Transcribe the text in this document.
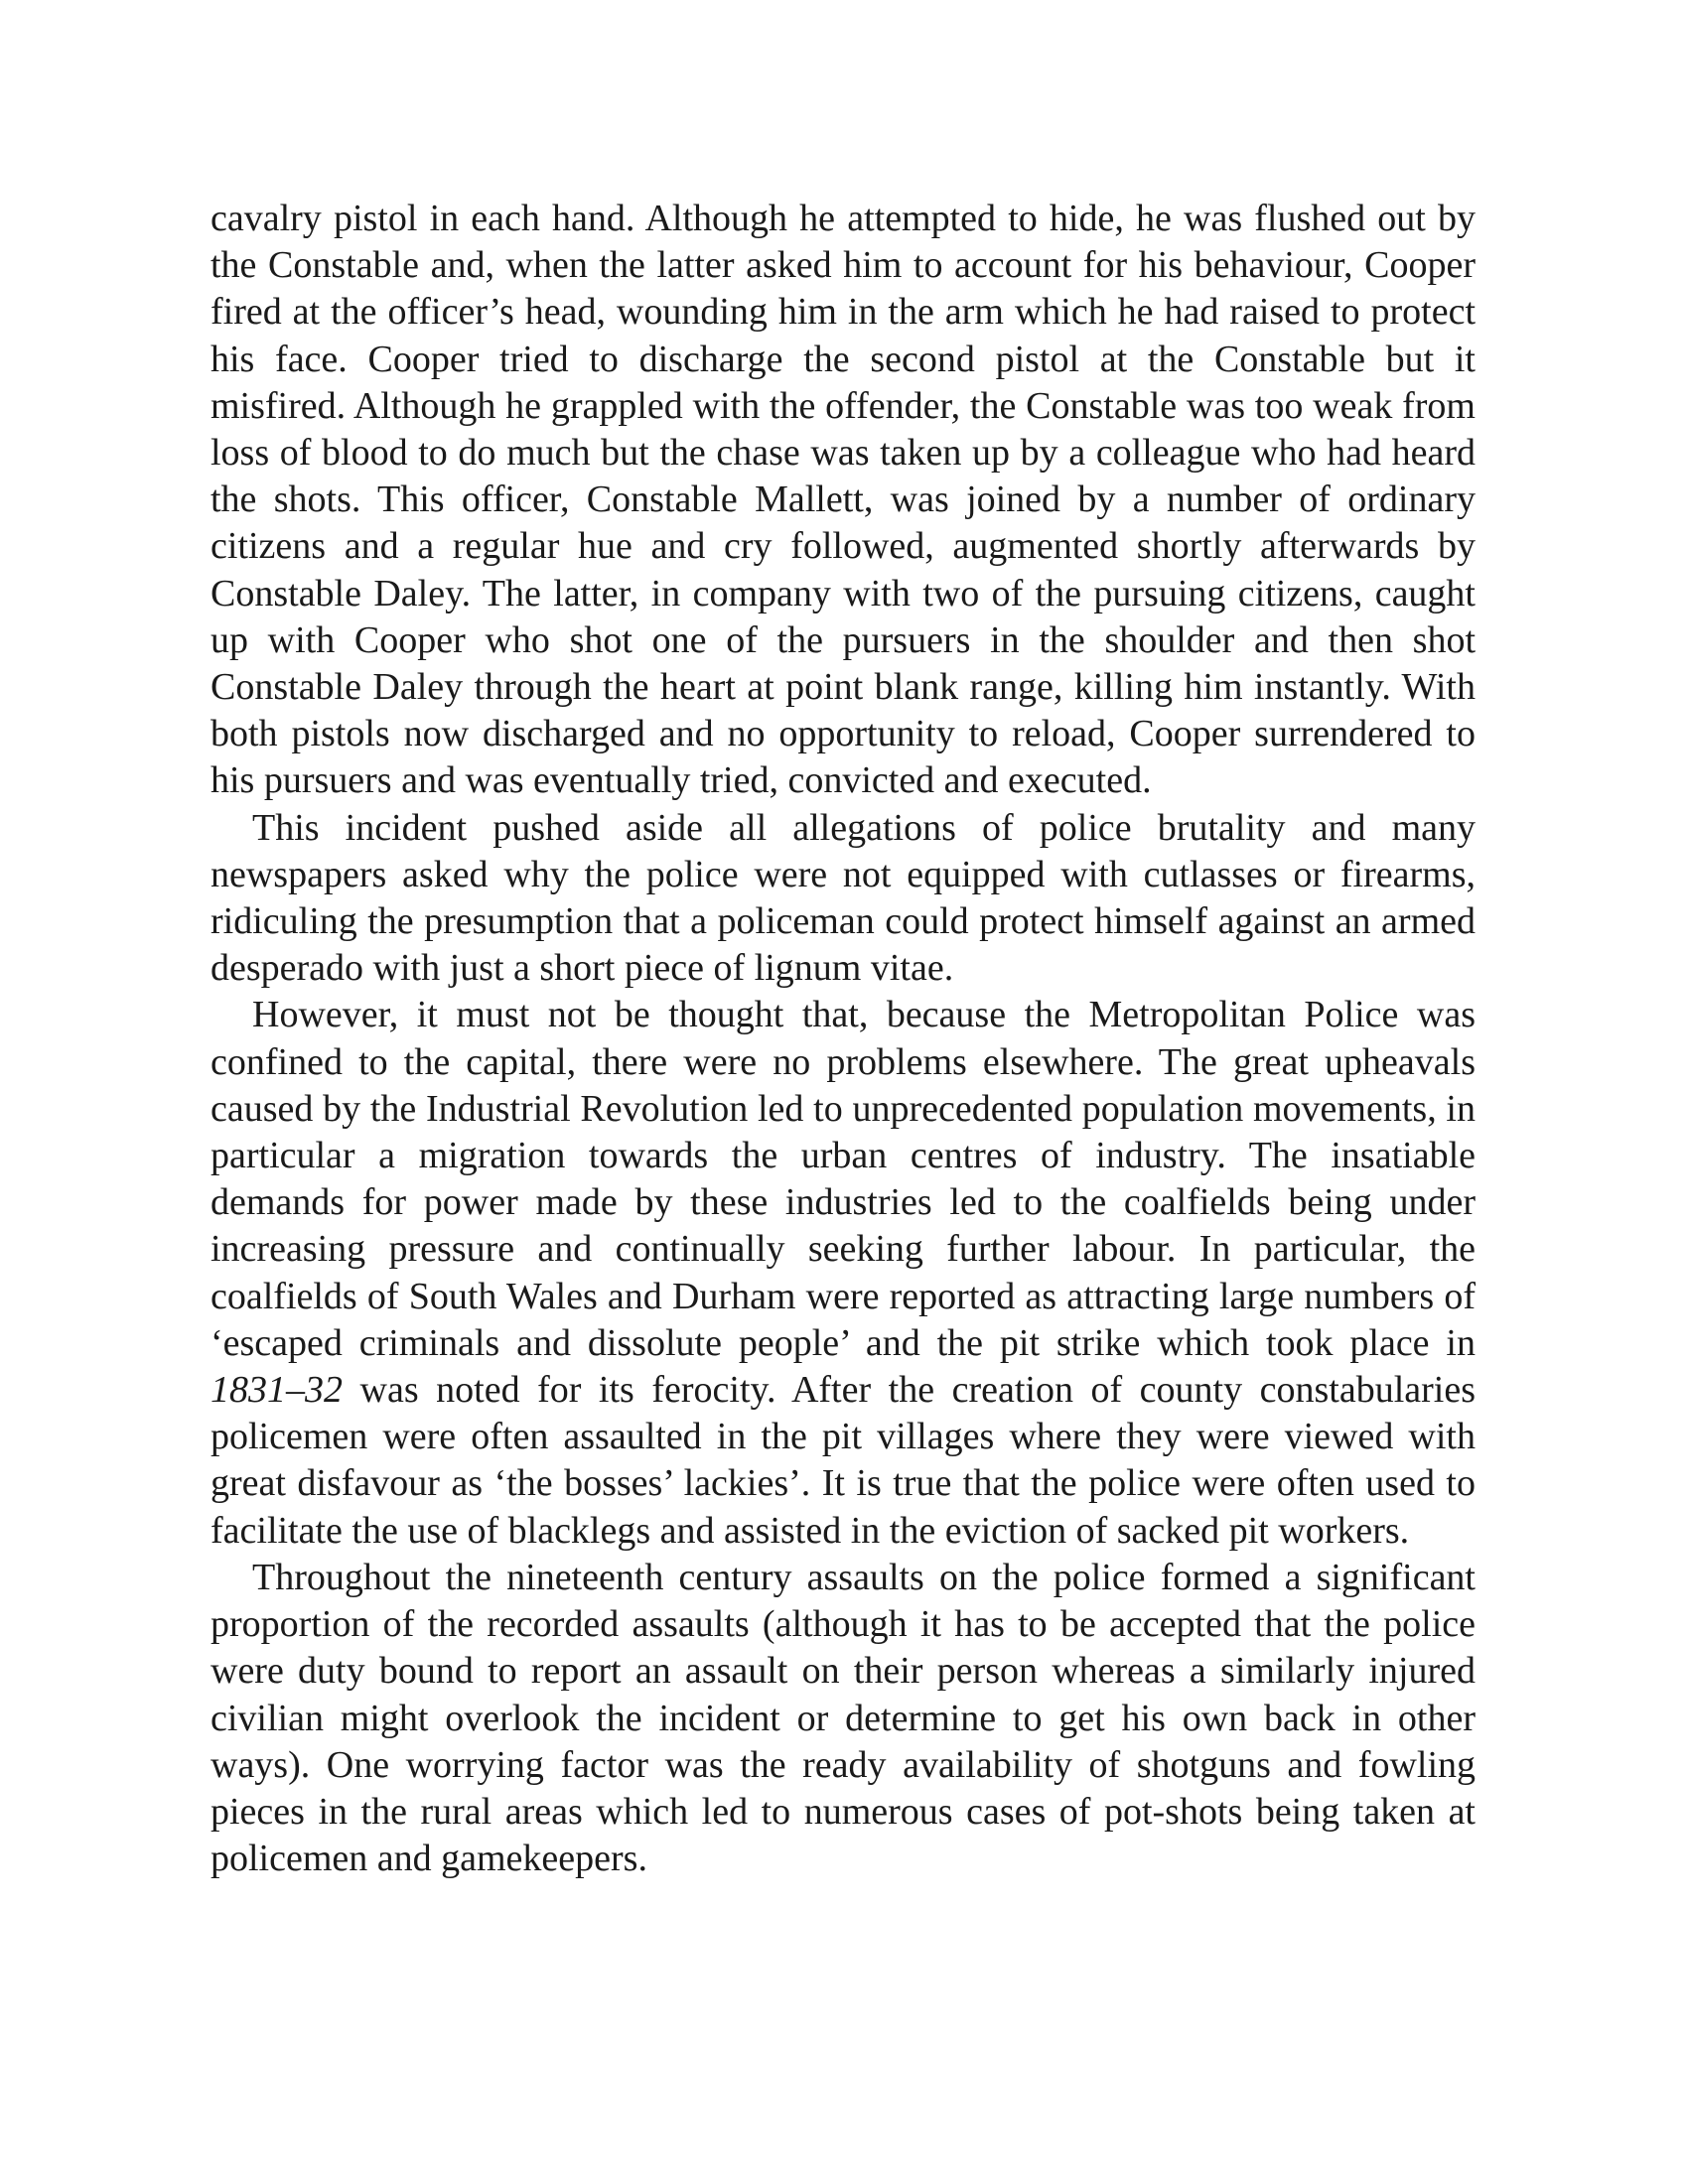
cavalry pistol in each hand. Although he attempted to hide, he was flushed out by the Constable and, when the latter asked him to account for his behaviour, Cooper fired at the officer’s head, wounding him in the arm which he had raised to protect his face. Cooper tried to discharge the second pistol at the Constable but it misfired. Although he grappled with the offender, the Constable was too weak from loss of blood to do much but the chase was taken up by a colleague who had heard the shots. This officer, Constable Mallett, was joined by a number of ordinary citizens and a regular hue and cry followed, augmented shortly afterwards by Constable Daley. The latter, in company with two of the pursuing citizens, caught up with Cooper who shot one of the pursuers in the shoulder and then shot Constable Daley through the heart at point blank range, killing him instantly. With both pistols now discharged and no opportunity to reload, Cooper surrendered to his pursuers and was eventually tried, convicted and executed.

This incident pushed aside all allegations of police brutality and many newspapers asked why the police were not equipped with cutlasses or firearms, ridiculing the presumption that a policeman could protect himself against an armed desperado with just a short piece of lignum vitae.

However, it must not be thought that, because the Metropolitan Police was confined to the capital, there were no problems elsewhere. The great upheavals caused by the Industrial Revolution led to unprecedented population movements, in particular a migration towards the urban centres of industry. The insatiable demands for power made by these industries led to the coalfields being under increasing pressure and continually seeking further labour. In particular, the coalfields of South Wales and Durham were reported as attracting large numbers of ‘escaped criminals and dissolute people’ and the pit strike which took place in 1831–32 was noted for its ferocity. After the creation of county constabularies policemen were often assaulted in the pit villages where they were viewed with great disfavour as ‘the bosses’ lackies’. It is true that the police were often used to facilitate the use of blacklegs and assisted in the eviction of sacked pit workers.

Throughout the nineteenth century assaults on the police formed a significant proportion of the recorded assaults (although it has to be accepted that the police were duty bound to report an assault on their person whereas a similarly injured civilian might overlook the incident or determine to get his own back in other ways). One worrying factor was the ready availability of shotguns and fowling pieces in the rural areas which led to numerous cases of pot-shots being taken at policemen and gamekeepers.
